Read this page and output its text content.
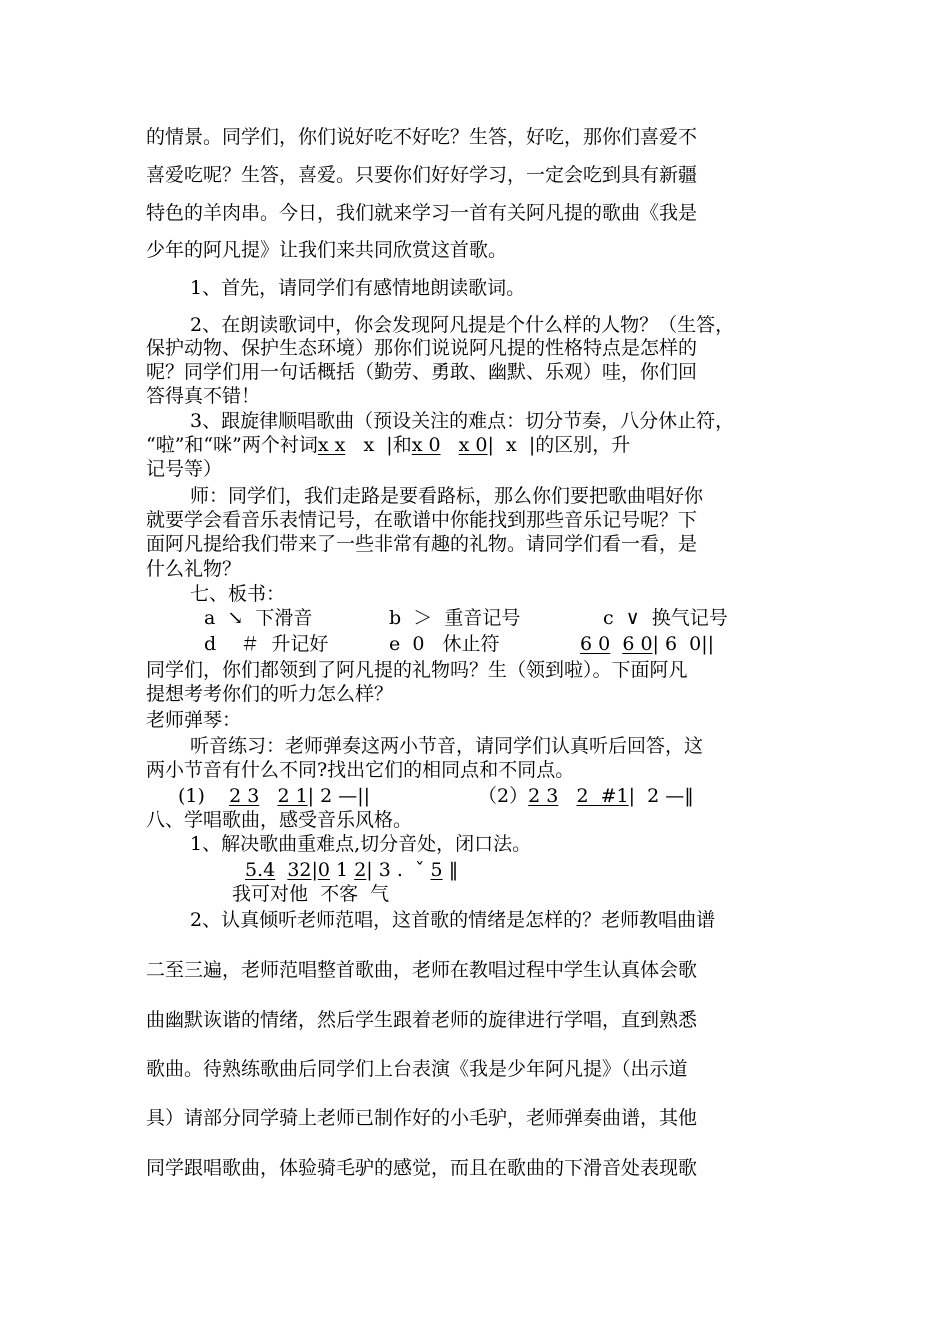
的情景。同学们，你们说好吃不好吃？生答，好吃，那你们喜爱不
喜爱吃呢？生答，喜爱。只要你们好好学习，一定会吃到具有新疆
特色的羊肉串。今日，我们就来学习一首有关阿凡提的歌曲《我是
少年的阿凡提》让我们来共同欣赏这首歌。
1、首先，请同学们有感情地朗读歌词。
2、在朗读歌词中，你会发现阿凡提是个什么样的人物？（生答，
保护动物、保护生态环境）那你们说说阿凡提的性格特点是怎样的
呢？同学们用一句话概括（勤劳、勇敢、幽默、乐观）哇，你们回
答得真不错！
3、跟旋律顺唱歌曲（预设关注的难点：切分节奏，八分休止符，
“啦”和“咪”两个衬词x x x |和x 0 x 0| x |的区别，升
记号等）
师：同学们，我们走路是要看路标，那么你们要把歌曲唱好你
就要学会看音乐表情记号，在歌谱中你能找到那些音乐记号呢？下
面阿凡提给我们带来了一些非常有趣的礼物。请同学们看一看，是
什么礼物？
七、板书：
a  ↘  下滑音	b  ＞  重音记号	c  ∨  换气记号
d    ＃  升记好	e  0   休止符	6 0 6 0| 6  0||
同学们，你们都领到了阿凡提的礼物吗？生（领到啦）。下面阿凡
提想考考你们的听力怎么样？
老师弹琴：
听音练习：老师弹奏这两小节音，请同学们认真听后回答，这
两小节音有什么不同?找出它们的相同点和不同点。
(1) 2 3 2 1| 2 —||	（2）2 3 2  #1| 2 —‖
八、学唱歌曲，感受音乐风格。
1、解决歌曲重难点,切分音处，闭口法。
5.4 32|0 1 2| 3 . ˇ 5 ‖
我可对他  不客  气
2、认真倾听老师范唱，这首歌的情绪是怎样的？老师教唱曲谱
二至三遍，老师范唱整首歌曲，老师在教唱过程中学生认真体会歌
曲幽默诙谐的情绪，然后学生跟着老师的旋律进行学唱，直到熟悉
歌曲。待熟练歌曲后同学们上台表演《我是少年阿凡提》（出示道
具）请部分同学骑上老师已制作好的小毛驴，老师弹奏曲谱，其他
同学跟唱歌曲，体验骑毛驴的感觉，而且在歌曲的下滑音处表现歌
